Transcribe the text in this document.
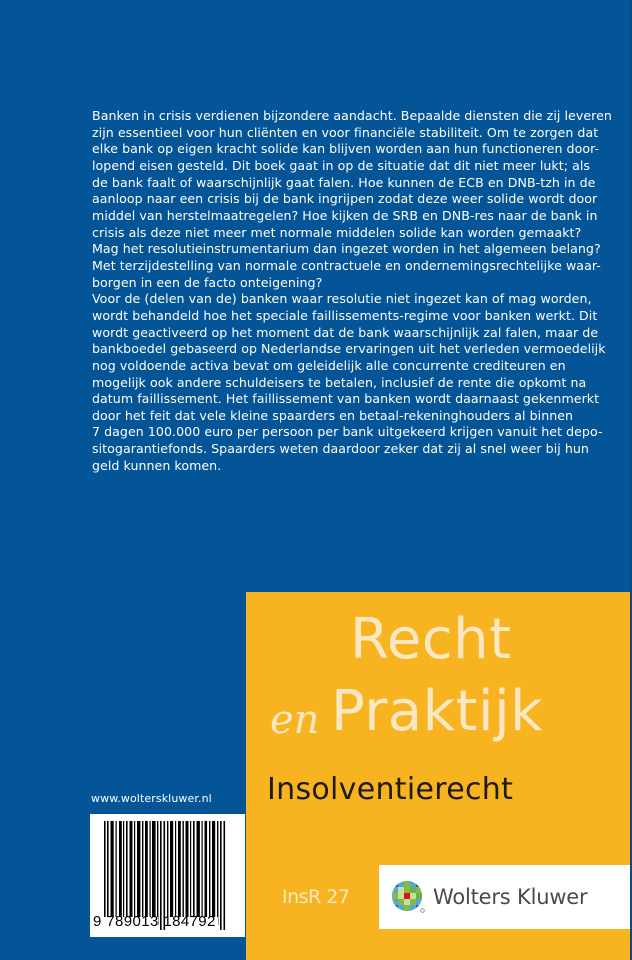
Banken in crisis verdienen bijzondere aandacht. Bepaalde diensten die zij leveren
zijn essentieel voor hun cliënten en voor financiële stabiliteit. Om te zorgen dat
elke bank op eigen kracht solide kan blijven worden aan hun functioneren door-
lopend eisen gesteld. Dit boek gaat in op de situatie dat dit niet meer lukt; als
de bank faalt of waarschijnlijk gaat falen. Hoe kunnen de ECB en DNB-tzh in de
aanloop naar een crisis bij de bank ingrijpen zodat deze weer solide wordt door
middel van herstelmaatregelen? Hoe kijken de SRB en DNB-res naar de bank in
crisis als deze niet meer met normale middelen solide kan worden gemaakt?
Mag het resolutieinstrumentarium dan ingezet worden in het algemeen belang?
Met terzijdestelling van normale contractuele en ondernemingsrechtelijke waar-
borgen in een de facto onteigening?
Voor de (delen van de) banken waar resolutie niet ingezet kan of mag worden,
wordt behandeld hoe het speciale faillissements-regime voor banken werkt. Dit
wordt geactiveerd op het moment dat de bank waarschijnlijk zal falen, maar de
bankboedel gebaseerd op Nederlandse ervaringen uit het verleden vermoedelijk
nog voldoende activa bevat om geleidelijk alle concurrente crediteuren en
mogelijk ook andere schuldeisers te betalen, inclusief de rente die opkomt na
datum faillissement. Het faillissement van banken wordt daarnaast gekenmerkt
door het feit dat vele kleine spaarders en betaal-rekeninghouders al binnen
7 dagen 100.000 euro per persoon per bank uitgekeerd krijgen vanuit het depo-
sitogarantiefonds. Spaarders weten daardoor zeker dat zij al snel weer bij hun
geld kunnen komen.
www.wolterskluwer.nl
9 789013 184792
Recht
en Praktijk
Insolventierecht
InsR 27	Wolters Kluwer
